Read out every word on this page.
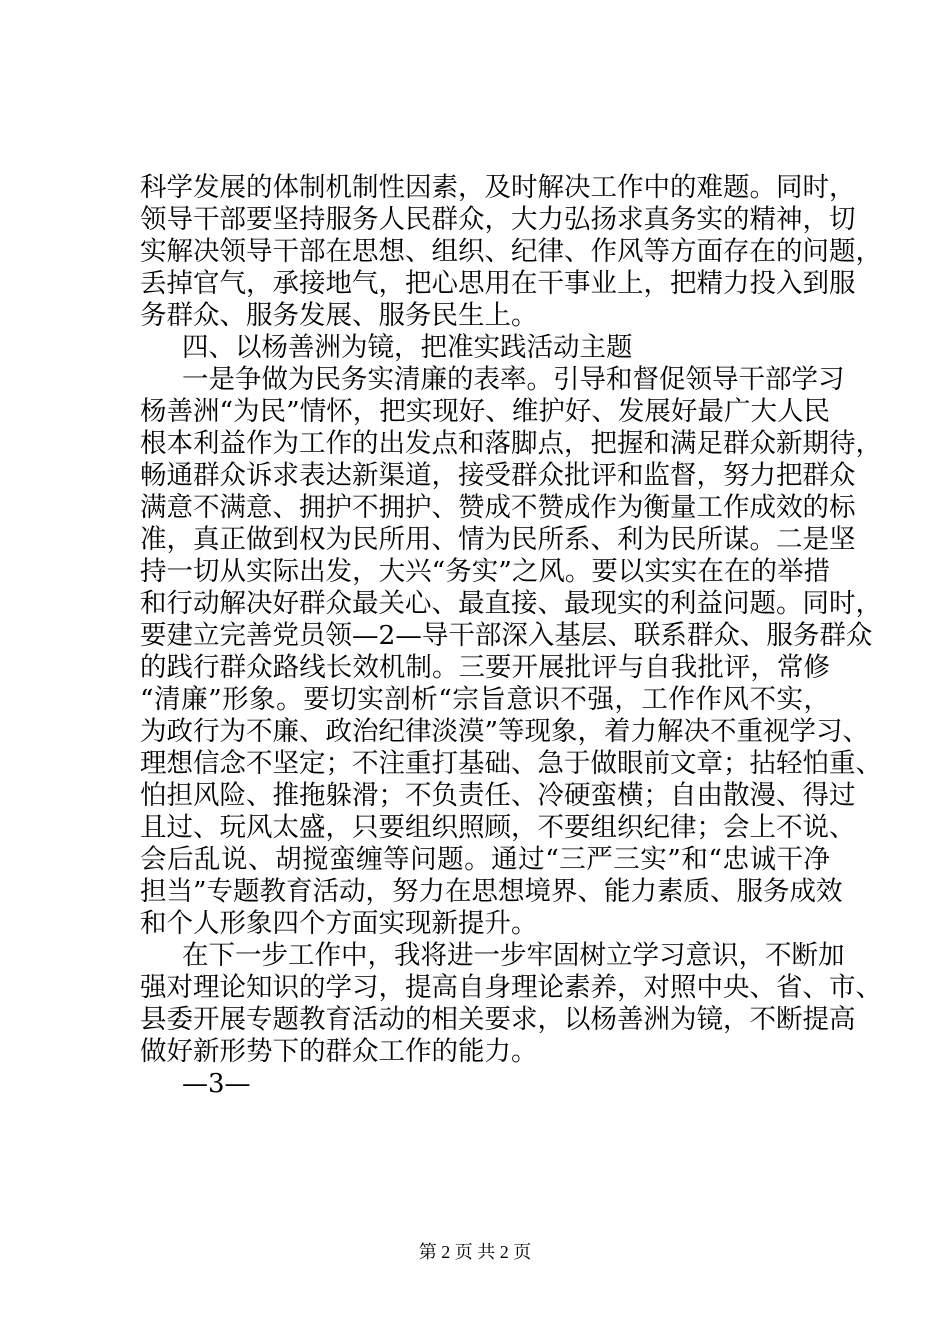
科学发展的体制机制性因素，及时解决工作中的难题。同时，
领导干部要坚持服务人民群众，大力弘扬求真务实的精神，切
实解决领导干部在思想、组织、纪律、作风等方面存在的问题，
丢掉官气，承接地气，把心思用在干事业上，把精力投入到服
务群众、服务发展、服务民生上。
四、以杨善洲为镜，把准实践活动主题
一是争做为民务实清廉的表率。引导和督促领导干部学习
杨善洲“为民”情怀，把实现好、维护好、发展好最广大人民
根本利益作为工作的出发点和落脚点，把握和满足群众新期待，
畅通群众诉求表达新渠道，接受群众批评和监督，努力把群众
满意不满意、拥护不拥护、赞成不赞成作为衡量工作成效的标
准，真正做到权为民所用、情为民所系、利为民所谋。二是坚
持一切从实际出发，大兴“务实”之风。要以实实在在的举措
和行动解决好群众最关心、最直接、最现实的利益问题。同时，
要建立完善党员领—2—导干部深入基层、联系群众、服务群众
的践行群众路线长效机制。三要开展批评与自我批评，常修
“清廉”形象。要切实剖析“宗旨意识不强，工作作风不实，
为政行为不廉、政治纪律淡漠”等现象，着力解决不重视学习、
理想信念不坚定；不注重打基础、急于做眼前文章；拈轻怕重、
怕担风险、推拖躲滑；不负责任、冷硬蛮横；自由散漫、得过
且过、玩风太盛，只要组织照顾，不要组织纪律；会上不说、
会后乱说、胡搅蛮缠等问题。通过“三严三实”和“忠诚干净
担当”专题教育活动，努力在思想境界、能力素质、服务成效
和个人形象四个方面实现新提升。
在下一步工作中，我将进一步牢固树立学习意识，不断加
强对理论知识的学习，提高自身理论素养，对照中央、省、市、
县委开展专题教育活动的相关要求，以杨善洲为镜，不断提高
做好新形势下的群众工作的能力。
—3—
第 2 页 共 2 页
